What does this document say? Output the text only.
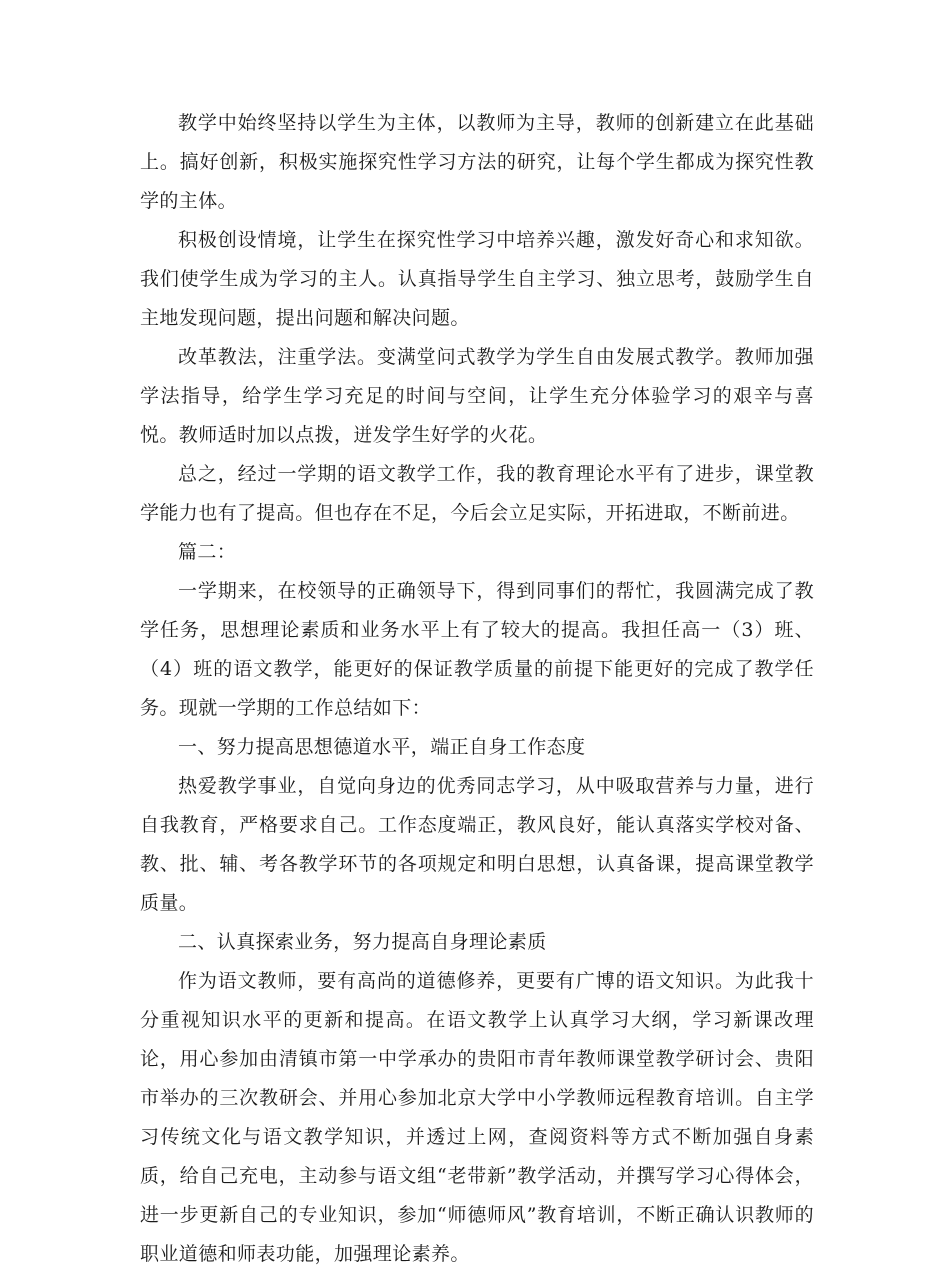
教学中始终坚持以学生为主体，以教师为主导，教师的创新建立在此基础上。搞好创新，积极实施探究性学习方法的研究，让每个学生都成为探究性教学的主体。

积极创设情境，让学生在探究性学习中培养兴趣，激发好奇心和求知欲。我们使学生成为学习的主人。认真指导学生自主学习、独立思考，鼓励学生自主地发现问题，提出问题和解决问题。

改革教法，注重学法。变满堂问式教学为学生自由发展式教学。教师加强学法指导，给学生学习充足的时间与空间，让学生充分体验学习的艰辛与喜悦。教师适时加以点拨，迸发学生好学的火花。

总之，经过一学期的语文教学工作，我的教育理论水平有了进步，课堂教学能力也有了提高。但也存在不足，今后会立足实际，开拓进取，不断前进。

篇二：

一学期来，在校领导的正确领导下，得到同事们的帮忙，我圆满完成了教学任务，思想理论素质和业务水平上有了较大的提高。我担任高一（3）班、（4）班的语文教学，能更好的保证教学质量的前提下能更好的完成了教学任务。现就一学期的工作总结如下：

一、努力提高思想德道水平，端正自身工作态度

热爱教学事业，自觉向身边的优秀同志学习，从中吸取营养与力量，进行自我教育，严格要求自己。工作态度端正，教风良好，能认真落实学校对备、教、批、辅、考各教学环节的各项规定和明白思想，认真备课，提高课堂教学质量。

二、认真探索业务，努力提高自身理论素质

作为语文教师，要有高尚的道德修养，更要有广博的语文知识。为此我十分重视知识水平的更新和提高。在语文教学上认真学习大纲，学习新课改理论，用心参加由清镇市第一中学承办的贵阳市青年教师课堂教学研讨会、贵阳市举办的三次教研会、并用心参加北京大学中小学教师远程教育培训。自主学习传统文化与语文教学知识，并透过上网，查阅资料等方式不断加强自身素质，给自己充电，主动参与语文组“老带新”教学活动，并撰写学习心得体会，进一步更新自己的专业知识，参加“师德师风”教育培训，不断正确认识教师的职业道德和师表功能，加强理论素养。
